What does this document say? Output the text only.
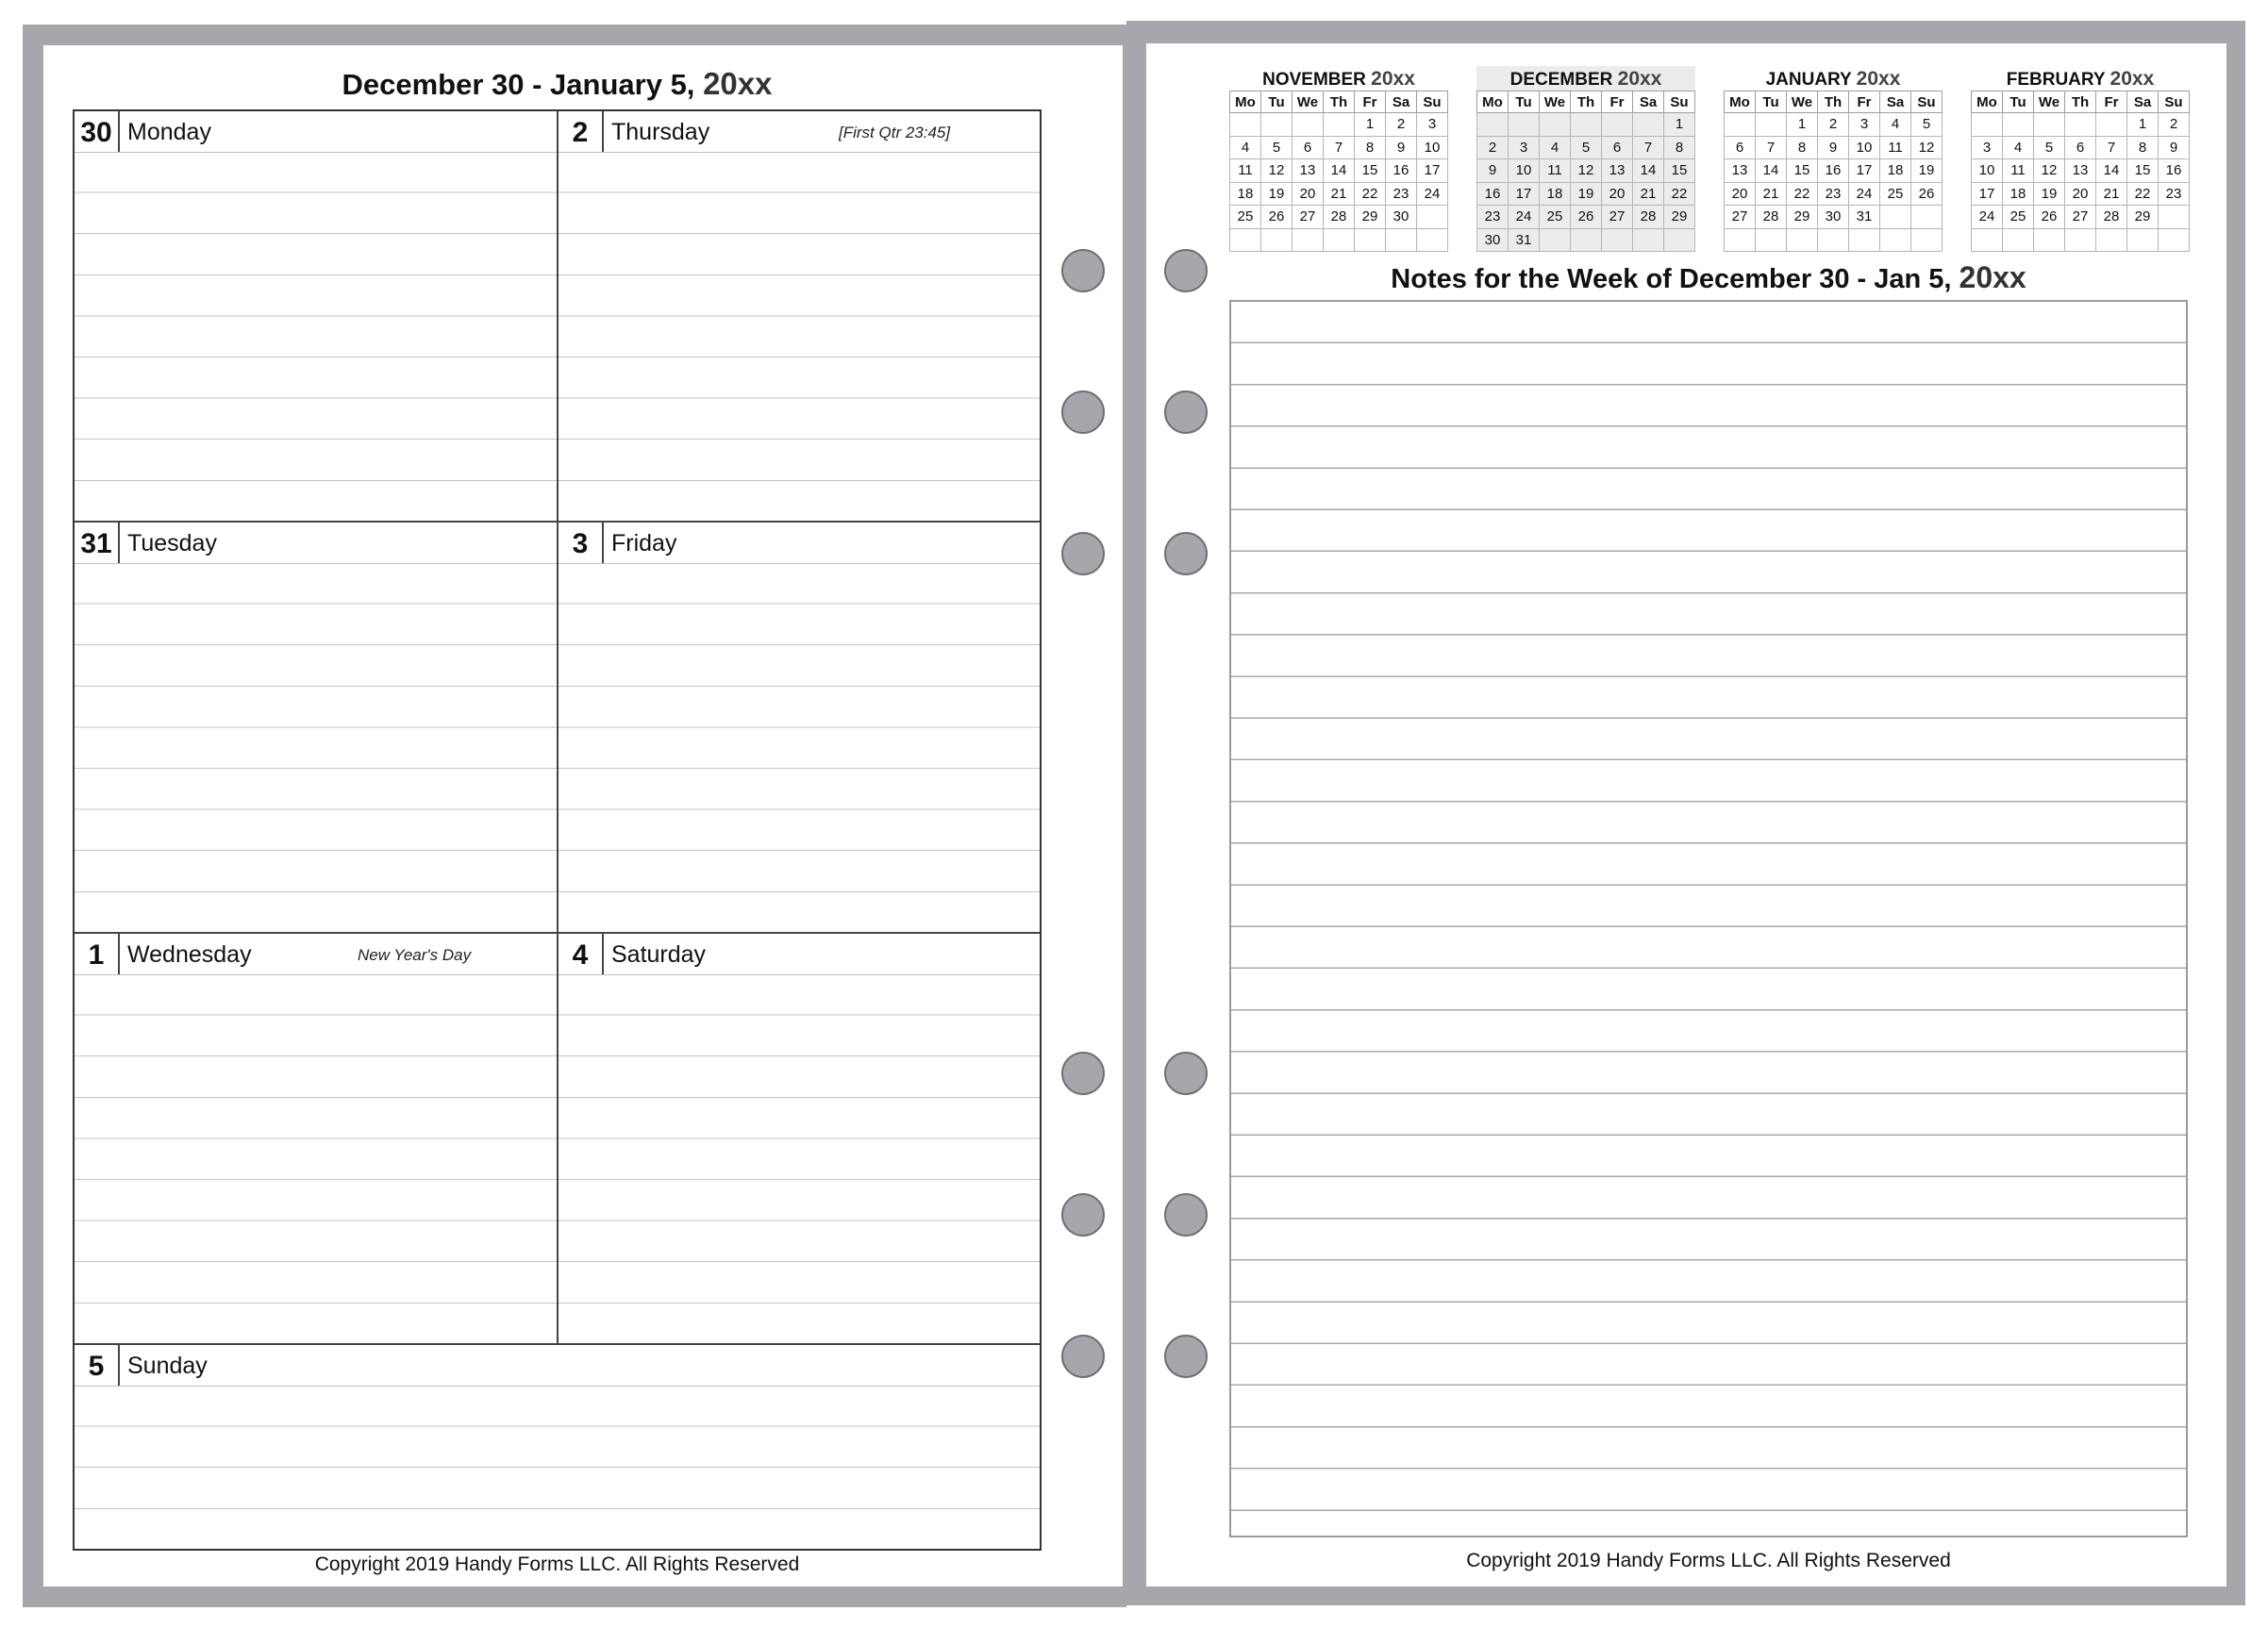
December 30 - January 5, 20xx
30 Monday	2 Thursday	[First Qtr 23:45]
31 Tuesday	3 Friday
1 Wednesday	New Year's Day	4 Saturday
5 Sunday
Copyright 2019 Handy Forms LLC. All Rights Reserved
NOVEMBER 20xx
Mo	Tu	We	Th	Fr	Sa	Su
				1	2	3
4	5	6	7	8	9	10
11	12	13	14	15	16	17
18	19	20	21	22	23	24
25	26	27	28	29	30	

DECEMBER 20xx
Mo	Tu	We	Th	Fr	Sa	Su
						1
2	3	4	5	6	7	8
9	10	11	12	13	14	15
16	17	18	19	20	21	22
23	24	25	26	27	28	29
30	31					
JANUARY 20xx
Mo	Tu	We	Th	Fr	Sa	Su
		1	2	3	4	5
6	7	8	9	10	11	12
13	14	15	16	17	18	19
20	21	22	23	24	25	26
27	28	29	30	31		

FEBRUARY 20xx
Mo	Tu	We	Th	Fr	Sa	Su
					1	2
3	4	5	6	7	8	9
10	11	12	13	14	15	16
17	18	19	20	21	22	23
24	25	26	27	28	29	

Notes for the Week of December 30 - Jan 5, 20xx
Copyright 2019 Handy Forms LLC. All Rights Reserved
